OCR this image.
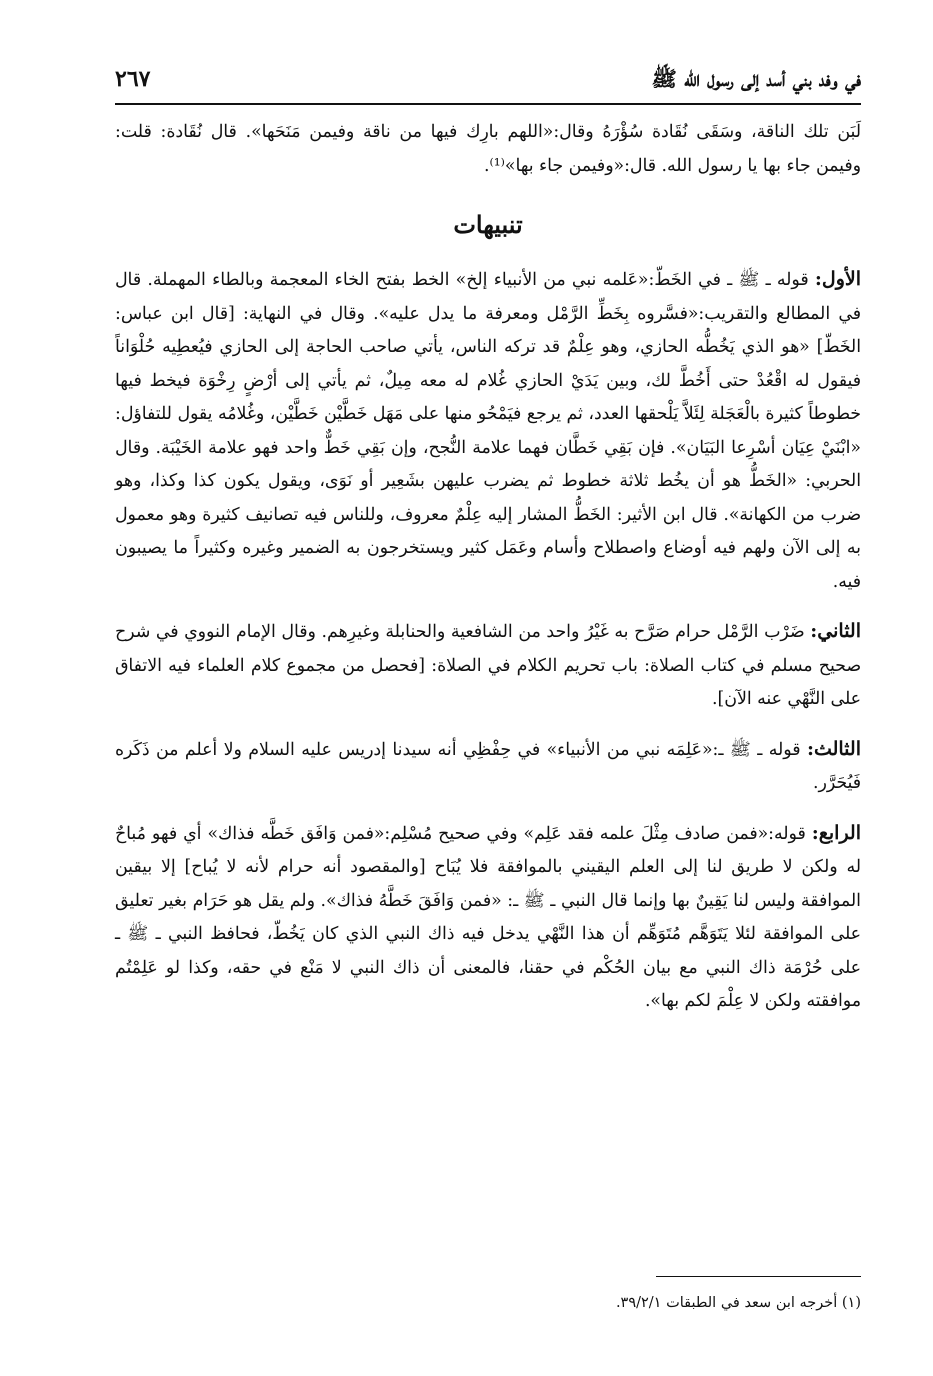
في وفد بني أسد إلى رسول الله ﷺ
٢٦٧

لَبَن تلك الناقة، وسَقَى نُقَادة سُؤْرَهُ وقال:«اللهم بارِك فيها من ناقة وفيمن مَنَحَها». قال نُقَادة: قلت: وفيمن جاء بها يا رسول الله. قال:«وفيمن جاء بها»⁽¹⁾.

تنبيهات

الأول: قوله ـ ﷺ ـ في الخَطّ:«عَلمه نبي من الأنبياء إلخ» الخط بفتح الخاء المعجمة وبالطاء المهملة. قال في المطالع والتقريب:«فسَّروه بِخَطِّ الرَّمْل ومعرفة ما يدل عليه». وقال في النهاية: [قال ابن عباس: الخَطّ] «هو الذي يَخُطُّه الحازي، وهو عِلْمٌ قد تركه الناس، يأتي صاحب الحاجة إلى الحازي فيُعطِيه حُلْوَاناً فيقول له اقْعُدْ حتى أَخُطَّ لك، وبين يَدَيْ الحازي غُلام له معه مِيلٌ، ثم يأتي إلى أرْضٍ رِخْوَة فيخط فيها خطوطاً كثيرة بالْعَجَلة لِئَلاَّ يَلْحقها العدد، ثم يرجع فيَمْحُو منها على مَهَل خَطَّيْن خَطَّيْن، وغُلامُه يقول للتفاؤل: «ابْنَيْ عِيَان أسْرِعا البَيَان». فإن بَقِي خَطَّان فهما علامة النُّجح، وإن بَقِي خَطٌّ واحد فهو علامة الخَيْبَة. وقال الحربي: «الخَطُّ هو أن يخُط ثلاثة خطوط ثم يضرب عليهن بشَعِير أو نَوَى، ويقول يكون كذا وكذا، وهو ضرب من الكهانة». قال ابن الأثير: الخَطُّ المشار إليه عِلْمٌ معروف، وللناس فيه تصانيف كثيرة وهو معمول به إلى الآن ولهم فيه أوضاع واصطلاح وأسام وعَمَل كثير ويستخرجون به الضمير وغيره وكثيراً ما يصيبون فيه.

الثاني: ضَرْب الرَّمْل حرام صَرَّح به غَيْرُ واحد من الشافعية والحنابلة وغيرِهم. وقال الإمام النووي في شرح صحيح مسلم في كتاب الصلاة: باب تحريم الكلام في الصلاة: [فحصل من مجموع كلام العلماء فيه الاتفاق على النَّهْي عنه الآن].

الثالث: قوله ـ ﷺ ـ:«عَلِمَه نبي من الأنبياء» في حِفْظِي أنه سيدنا إدريس عليه السلام ولا أعلم من ذَكَره فَيُحَرَّر.

الرابع: قوله:«فمن صادف مِثْلَ علمه فقد عَلِم» وفي صحيح مُسْلِم:«فمن وَافَق خَطَّه فذاك» أي فهو مُباحٌ له ولكن لا طريق لنا إلى العلم اليقيني بالموافقة فلا يُبَاح [والمقصود أنه حرام لأنه لا يُباح] إلا بيقين الموافقة وليس لنا يَقِينٌ بها وإنما قال النبي ـ ﷺ ـ: «فمن وَافَقَ خَطَّهُ فذاك». ولم يقل هو حَرَام بغير تعليق على الموافقة لئلا يَتَوَهَّم مُتَوَهِّم أن هذا النَّهْي يدخل فيه ذاك النبي الذي كان يَخُطّ، فحافظ النبي ـ ﷺ ـ على حُرْمَة ذاك النبي مع بيان الحُكْم في حقنا، فالمعنى أن ذاك النبي لا مَنْع في حقه، وكذا لو عَلِمْتُم موافقته ولكن لا عِلْمَ لكم بها».

(١) أخرجه ابن سعد في الطبقات ٣٩/٢/١.
